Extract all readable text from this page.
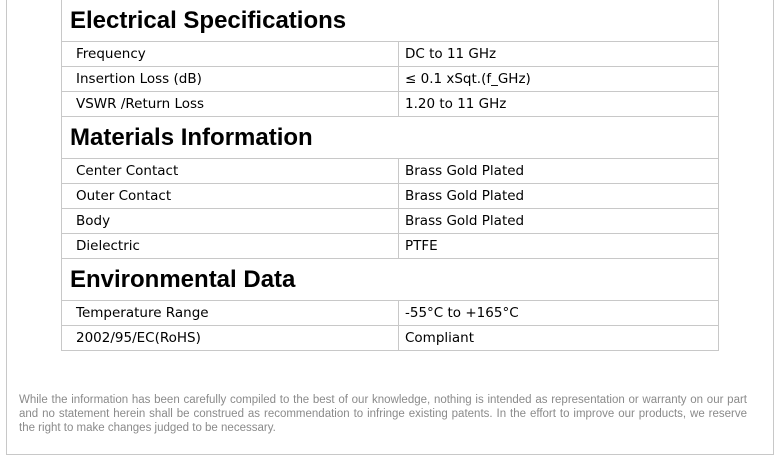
Electrical Specifications	
Frequency	DC to 11 GHz
Insertion Loss (dB)	≤ 0.1 xSqt.(f_GHz)
VSWR /Return Loss	1.20 to 11 GHz
Materials Information	
Center Contact	Brass Gold Plated
Outer Contact	Brass Gold Plated
Body	Brass Gold Plated
Dielectric	PTFE
Environmental Data	
Temperature Range	-55°C to +165°C
2002/95/EC(RoHS)	Compliant
While the information has been carefully compiled to the best of our knowledge, nothing is intended as representation or warranty on our part and no statement herein shall be construed as recommendation to infringe existing patents. In the effort to improve our products, we reserve the right to make changes judged to be necessary.
